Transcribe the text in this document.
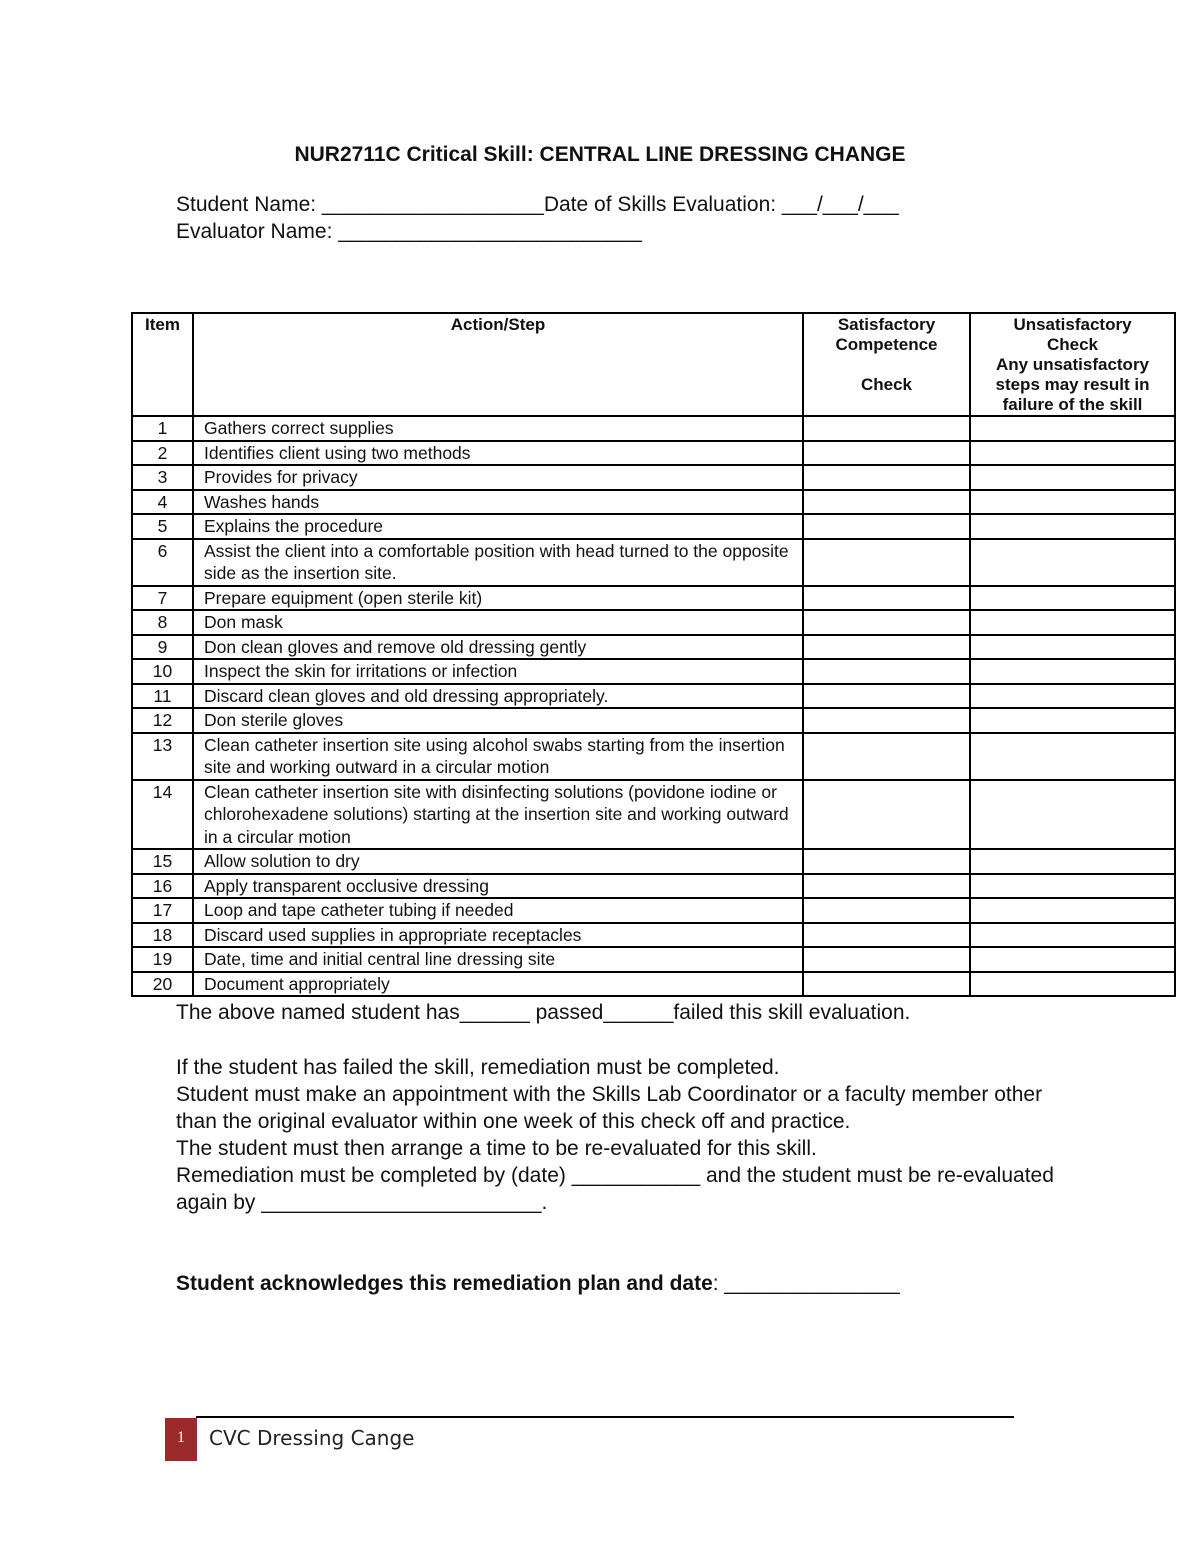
NUR2711C Critical Skill: CENTRAL LINE DRESSING CHANGE
Student Name: ___________________Date of Skills Evaluation: ___/___/___
Evaluator Name: __________________________
Item	Action/Step	Satisfactory
Competence
Check	Unsatisfactory
Check
Any unsatisfactory steps may result in failure of the skill
1	Gathers correct supplies		
2	Identifies client using two methods		
3	Provides for privacy		
4	Washes hands		
5	Explains the procedure		
6	Assist the client into a comfortable position with head turned to the opposite side as the insertion site.		
7	Prepare equipment (open sterile kit)		
8	Don mask		
9	Don clean gloves and remove old dressing gently		
10	Inspect the skin for irritations or infection		
11	Discard clean gloves and old dressing appropriately.		
12	Don sterile gloves		
13	Clean catheter insertion site using alcohol swabs starting from the insertion site and working outward in a circular motion		
14	Clean catheter insertion site with disinfecting solutions (povidone iodine or chlorohexadene solutions) starting at the insertion site and working outward in a circular motion		
15	Allow solution to dry		
16	Apply transparent occlusive dressing		
17	Loop and tape catheter tubing if needed		
18	Discard used supplies in appropriate receptacles		
19	Date, time and initial central line dressing site		
20	Document appropriately		
The above named student has______ passed______failed this skill evaluation.
If the student has failed the skill, remediation must be completed.
Student must make an appointment with the Skills Lab Coordinator or a faculty member other than the original evaluator within one week of this check off and practice.
The student must then arrange a time to be re-evaluated for this skill.
Remediation must be completed by (date) ___________ and the student must be re-evaluated again by ________________________.
Student acknowledges this remediation plan and date: _______________
1	CVC Dressing Cange
